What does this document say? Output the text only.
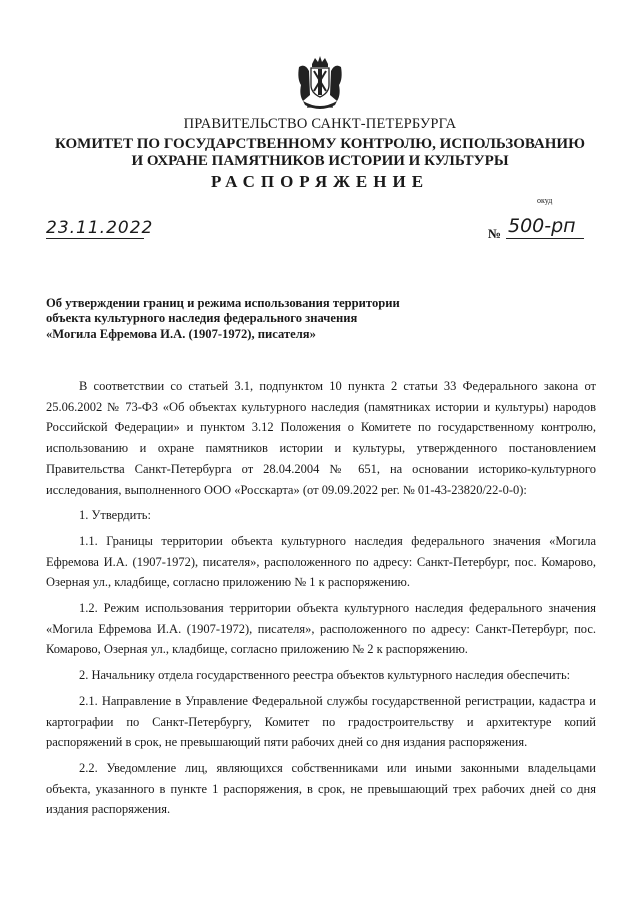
ПРАВИТЕЛЬСТВО САНКТ-ПЕТЕРБУРГА
КОМИТЕТ ПО ГОСУДАРСТВЕННОМУ КОНТРОЛЮ, ИСПОЛЬЗОВАНИЮ
И ОХРАНЕ ПАМЯТНИКОВ ИСТОРИИ И КУЛЬТУРЫ
РАСПОРЯЖЕНИЕ
окуд
23.11.2022	№ 500-рп
Об утверждении границ и режима использования территории
объекта культурного наследия федерального значения
«Могила Ефремова И.А. (1907-1972), писателя»

В соответствии со статьей 3.1, подпунктом 10 пункта 2 статьи 33 Федерального закона от 25.06.2002 № 73-ФЗ «Об объектах культурного наследия (памятниках истории и культуры) народов Российской Федерации» и пунктом 3.12 Положения о Комитете по государственному контролю, использованию и охране памятников истории и культуры, утвержденного постановлением Правительства Санкт-Петербурга от 28.04.2004 № 651, на основании историко-культурного исследования, выполненного ООО «Росскарта» (от 09.09.2022 рег. № 01-43-23820/22-0-0):

1. Утвердить:

1.1. Границы территории объекта культурного наследия федерального значения «Могила Ефремова И.А. (1907-1972), писателя», расположенного по адресу: Санкт-Петербург, пос. Комарово, Озерная ул., кладбище, согласно приложению № 1 к распоряжению.

1.2. Режим использования территории объекта культурного наследия федерального значения «Могила Ефремова И.А. (1907-1972), писателя», расположенного по адресу: Санкт-Петербург, пос. Комарово, Озерная ул., кладбище, согласно приложению № 2 к распоряжению.

2. Начальнику отдела государственного реестра объектов культурного наследия обеспечить:

2.1. Направление в Управление Федеральной службы государственной регистрации, кадастра и картографии по Санкт-Петербургу, Комитет по градостроительству и архитектуре копий распоряжений в срок, не превышающий пяти рабочих дней со дня издания распоряжения.

2.2. Уведомление лиц, являющихся собственниками или иными законными владельцами объекта, указанного в пункте 1 распоряжения, в срок, не превышающий трех рабочих дней со дня издания распоряжения.
